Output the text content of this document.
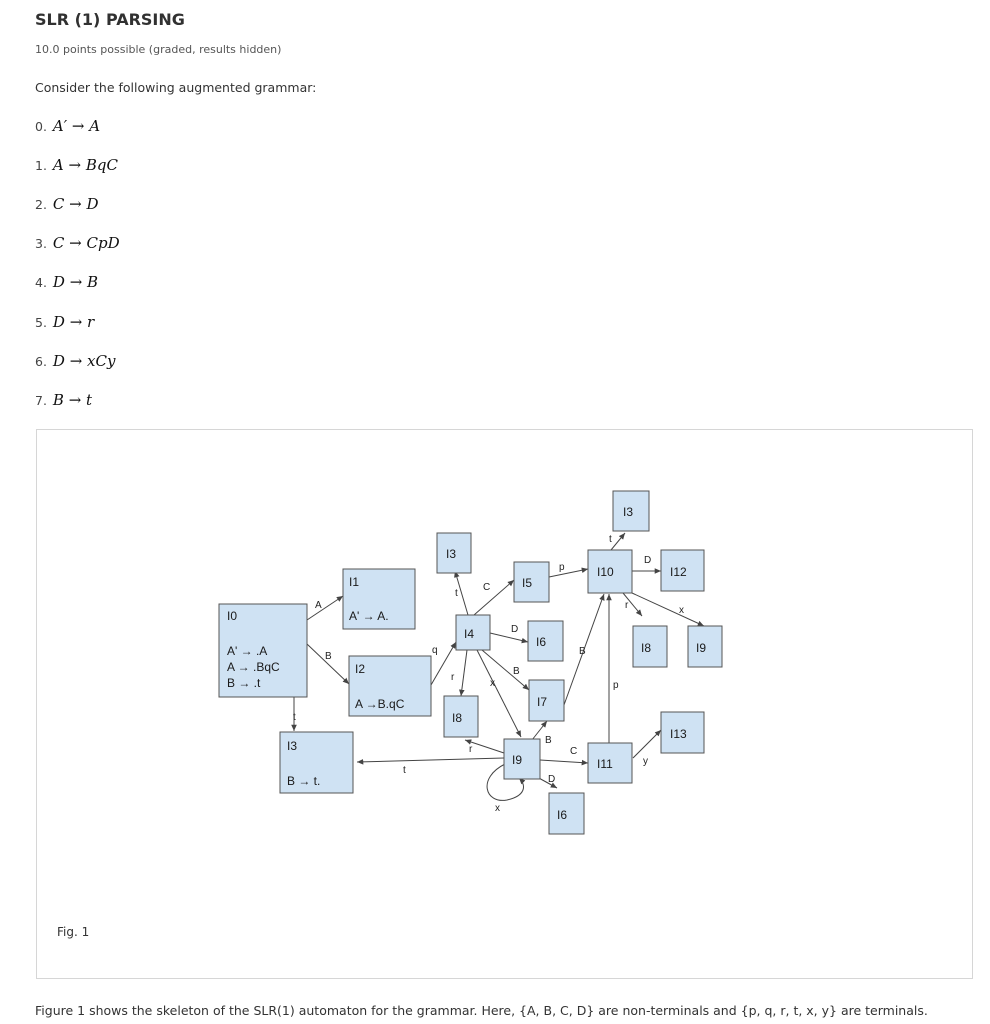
SLR (1) PARSING
10.0 points possible (graded, results hidden)
Consider the following augmented grammar:
0. A′ → A
1. A → BqC
2. C → D
3. C → CpD
4. D → B
5. D → r
6. D → xCy
7. B → t
A
B
t
q
t
C
D
B
r
x
p
t
D
r	x
B
p
t
r
x
B
C
D
y
I0
A' → .A
A → .BqC
B → .t
I1
A' → A.
I2
A →B.qC
I3
B → t.
I3
I3
I4
I5
I6
I6
I7
I8
I8
I9
I9
I10
I11
I12
I13
Fig. 1
Figure 1 shows the skeleton of the SLR(1) automaton for the grammar. Here, {A, B, C, D} are non-terminals and {p, q, r, t, x, y} are terminals.
